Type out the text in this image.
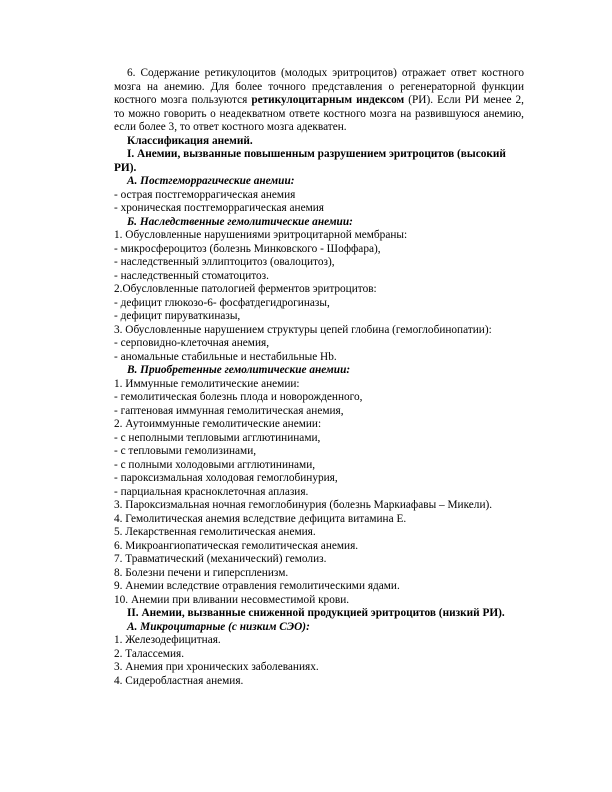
6. Содержание ретикулоцитов (молодых эритроцитов) отражает ответ костного мозга на анемию. Для более точного представления о регенераторной функции костного мозга пользуются ретикулоцитарным индексом (РИ). Если РИ менее 2, то можно говорить о неадекватном ответе костного мозга на развившуюся анемию, если более 3, то ответ костного мозга адекватен.

Классификация анемий.

I. Анемии, вызванные повышенным разрушением эритроцитов (высокий РИ).

А. Постгеморрагические анемии:

- острая постгеморрагическая анемия

- хроническая постгеморрагическая анемия

Б. Наследственные гемолитические анемии:

1. Обусловленные нарушениями эритроцитарной мембраны:

- микросфероцитоз (болезнь Минковского - Шоффара),

- наследственный эллиптоцитоз (овалоцитоз),

- наследственный стоматоцитоз.

2.Обусловленные патологией ферментов эритроцитов:

- дефицит глюкозо-6- фосфатдегидрогиназы,

- дефицит пируваткиназы,

3. Обусловленные нарушением структуры цепей глобина (гемоглобинопатии):

- серповидно-клеточная анемия,

- аномальные стабильные и нестабильные Hb.

В. Приобретенные гемолитические анемии:

1. Иммунные гемолитические анемии:

- гемолитическая болезнь плода и новорожденного,

- гаптеновая иммунная гемолитическая анемия,

2. Аутоиммунные гемолитические анемии:

- с неполными тепловыми агглютининами,

- с тепловыми гемолизинами,

- с полными холодовыми агглютининами,

- пароксизмальная холодовая гемоглобинурия,

- парциальная красноклеточная аплазия.

3. Пароксизмальная ночная гемоглобинурия (болезнь Маркиафавы – Микели).

4. Гемолитическая анемия вследствие дефицита витамина Е.

5. Лекарственная гемолитическая анемия.

6. Микроангиопатическая гемолитическая анемия.

7. Травматический (механический) гемолиз.

8. Болезни печени и гиперспленизм.

9. Анемии вследствие отравления гемолитическими ядами.

10. Анемии при вливании несовместимой крови.

II. Анемии, вызванные сниженной продукцией эритроцитов (низкий РИ).

А. Микроцитарные (с низким СЭО):

1. Железодефицитная.

2. Талассемия.

3. Анемия при хронических заболеваниях.

4. Сидеробластная анемия.
